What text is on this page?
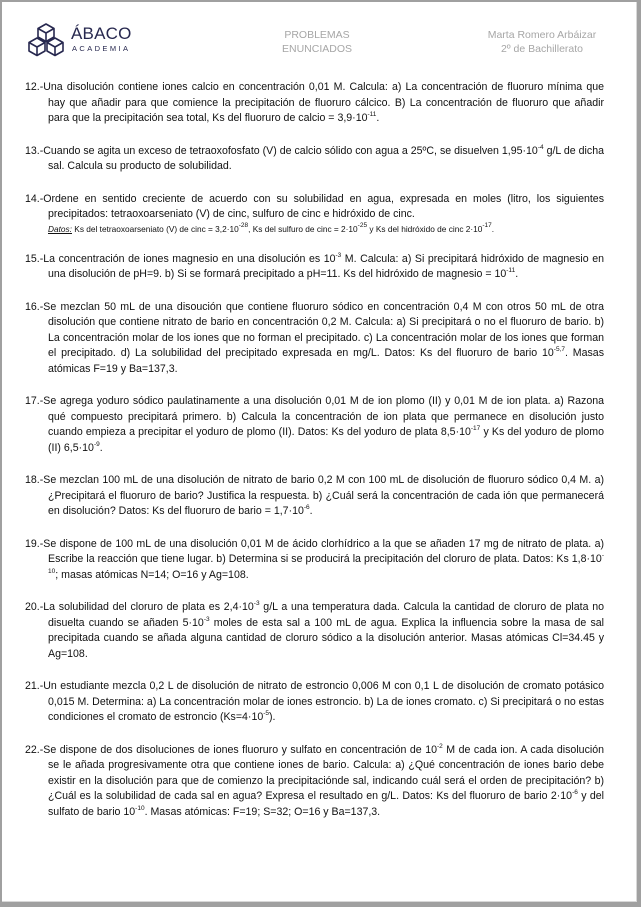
ÁBACO
ACADEMIA
PROBLEMAS
ENUNCIADOS
Marta Romero Arbáizar
2º de Bachillerato

12.-Una disolución contiene iones calcio en concentración 0,01 M. Calcula: a) La concentración de fluoruro mínima que hay que añadir para que comience la precipitación de fluoruro cálcico. B) La concentración de fluoruro que añadir para que la precipitación sea total, Ks del fluoruro de calcio = $3,9\cdot 10^{-11}$.

13.-Cuando se agita un exceso de tetraoxofosfato (V) de calcio sólido con agua a 25ºC, se disuelven $1,95\cdot 10^{-4}$ g/L de dicha sal. Calcula su producto de solubilidad.

14.-Ordene en sentido creciente de acuerdo con su solubilidad en agua, expresada en moles (litro, los siguientes precipitados: tetraoxoarseniato (V) de cinc, sulfuro de cinc e hidróxido de cinc.
Datos: Ks del tetraoxoarseniato (V) de cinc = $3,2\cdot 10^{-28}$, Ks del sulfuro de cinc = $2\cdot 10^{-25}$ y Ks del hidróxido de cinc $2\cdot 10^{-17}$.

15.-La concentración de iones magnesio en una disolución es $10^{-3}$ M. Calcula: a) Si precipitará hidróxido de magnesio en una disolución de pH=9. b) Si se formará precipitado a pH=11. Ks del hidróxido de magnesio = $10^{-11}$.

16.-Se mezclan 50 mL de una disoución que contiene fluoruro sódico en concentración 0,4 M con otros 50 mL de otra disolución que contiene nitrato de bario en concentración 0,2 M. Calcula: a) Si precipitará o no el fluoruro de bario. b) La concentración molar de los iones que no forman el precipitado. c) La concentración molar de los iones que forman el precipitado. d) La solubilidad del precipitado expresada en mg/L. Datos: Ks del fluoruro de bario $10^{-5,7}$. Masas atómicas F=19 y Ba=137,3.

17.-Se agrega yoduro sódico paulatinamente a una disolución 0,01 M de ion plomo (II) y 0,01 M de ion plata. a) Razona qué compuesto precipitará primero. b) Calcula la concentración de ion plata que permanece en disolución justo cuando empieza a precipitar el yoduro de plomo (II). Datos: Ks del yoduro de plata $8,5\cdot 10^{-17}$ y Ks del yoduro de plomo (II) $6,5\cdot 10^{-9}$.

18.-Se mezclan 100 mL de una disolución de nitrato de bario 0,2 M con 100 mL de disolución de fluoruro sódico 0,4 M. a) ¿Precipitará el fluoruro de bario? Justifica la respuesta. b) ¿Cuál será la concentración de cada ión que permanecerá en disolución? Datos: Ks del fluoruro de bario = $1,7\cdot 10^{-6}$.

19.-Se dispone de 100 mL de una disolución 0,01 M de ácido clorhídrico a la que se añaden 17 mg de nitrato de plata. a) Escribe la reacción que tiene lugar. b) Determina si se producirá la precipitación del cloruro de plata. Datos: Ks $1,8\cdot 10^{-10}$; masas atómicas N=14; O=16 y Ag=108.

20.-La solubilidad del cloruro de plata es $2,4\cdot 10^{-3}$ g/L a una temperatura dada. Calcula la cantidad de cloruro de plata no disuelta cuando se añaden $5\cdot 10^{-3}$ moles de esta sal a 100 mL de agua. Explica la influencia sobre la masa de sal precipitada cuando se añada alguna cantidad de cloruro sódico a la disolución anterior. Masas atómicas Cl=34.45 y Ag=108.

21.-Un estudiante mezcla 0,2 L de disolución de nitrato de estroncio 0,006 M con 0,1 L de disolución de cromato potásico 0,015 M. Determina: a) La concentración molar de iones estroncio. b) La de iones cromato. c) Si precipitará o no estas condiciones el cromato de estroncio $(Ks=4\cdot 10^{-5})$.

22.-Se dispone de dos disoluciones de iones fluoruro y sulfato en concentración de $10^{-2}$ M de cada ion. A cada disolución se le añada progresivamente otra que contiene iones de bario. Calcula: a) ¿Qué concentración de iones bario debe existir en la disolución para que de comienzo la precipitaciónde sal, indicando cuál será el orden de precipitación? b) ¿Cuál es la solubilidad de cada sal en agua? Expresa el resultado en g/L. Datos: Ks del fluoruro de bario $2\cdot 10^{-6}$ y del sulfato de bario $10^{-10}$. Masas atómicas: F=19; S=32; O=16 y Ba=137,3.
